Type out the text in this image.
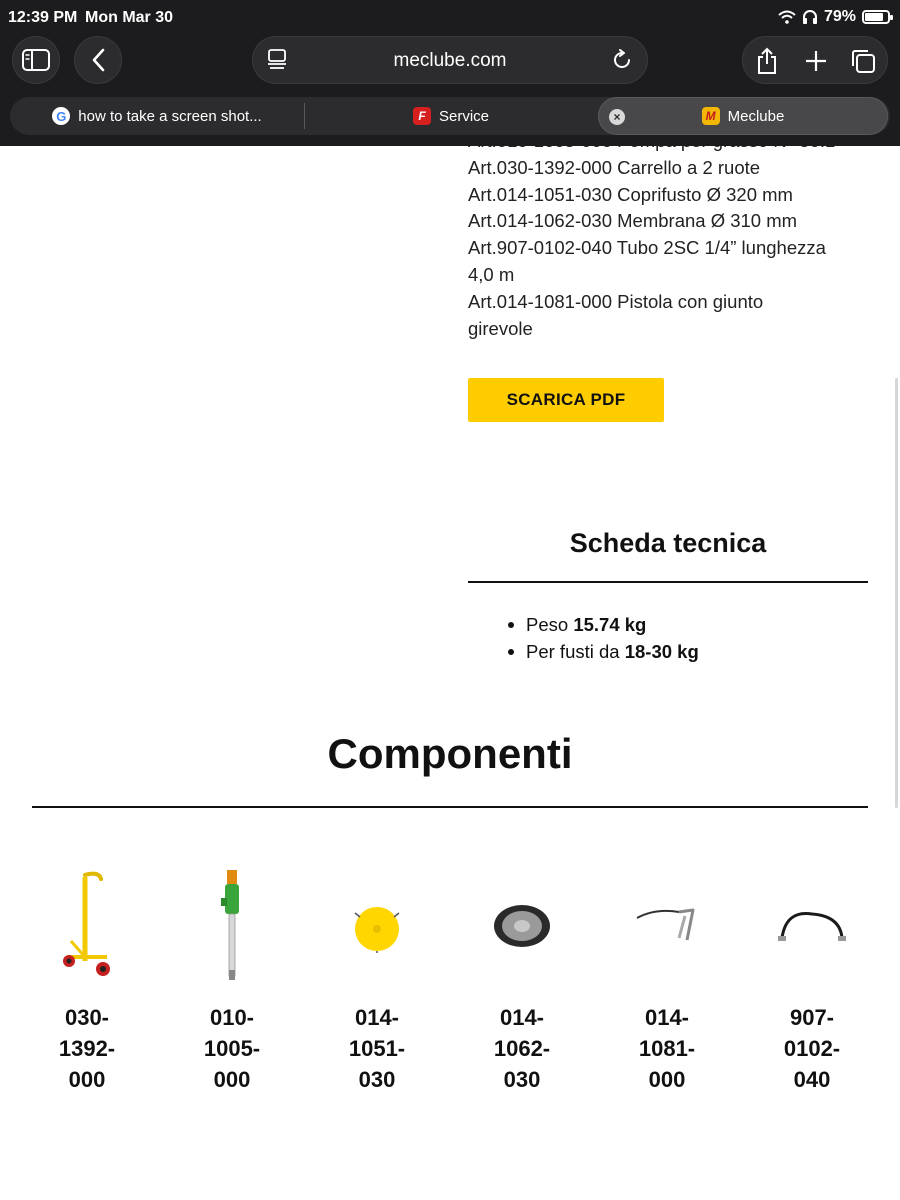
12:39 PM Mon Mar 30	79%
meclube.com
G how to take a screen shot...	F Service	×	M Meclube
Art.030-1392-000 Carrello a 2 ruote
Art.014-1051-030 Coprifusto Ø 320 mm
Art.014-1062-030 Membrana Ø 310 mm
Art.907-0102-040 Tubo 2SC 1/4” lunghezza
4,0 m
Art.014-1081-000 Pistola con giunto
girevole
SCARICA PDF
Scheda tecnica
Peso 15.74 kg
Per fusti da 18-30 kg
Componenti
030-
1392-
000
010-
1005-
000
014-
1051-
030
014-
1062-
030
014-
1081-
000
907-
0102-
040
